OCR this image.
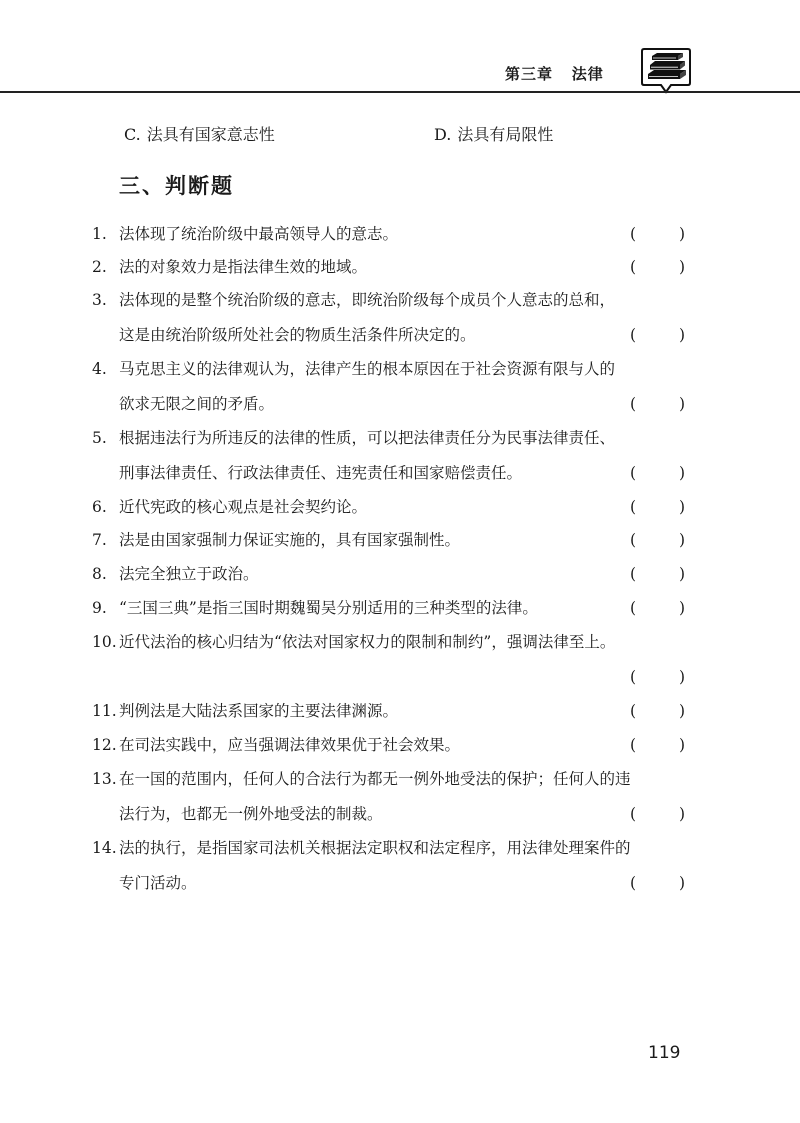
第三章 法律
C. 法具有国家意志性	D. 法具有局限性
三、判断题
1. 法体现了统治阶级中最高领导人的意志。	(	)
2. 法的对象效力是指法律生效的地域。	(	)
3. 法体现的是整个统治阶级的意志，即统治阶级每个成员个人意志的总和，
这是由统治阶级所处社会的物质生活条件所决定的。	(	)
4. 马克思主义的法律观认为，法律产生的根本原因在于社会资源有限与人的
欲求无限之间的矛盾。	(	)
5. 根据违法行为所违反的法律的性质，可以把法律责任分为民事法律责任、
刑事法律责任、行政法律责任、违宪责任和国家赔偿责任。	(	)
6. 近代宪政的核心观点是社会契约论。	(	)
7. 法是由国家强制力保证实施的，具有国家强制性。	(	)
8. 法完全独立于政治。	(	)
9. “三国三典”是指三国时期魏蜀吴分别适用的三种类型的法律。	(	)
10. 近代法治的核心归结为“依法对国家权力的限制和制约”，强调法律至上。
(	)
11. 判例法是大陆法系国家的主要法律渊源。	(	)
12. 在司法实践中，应当强调法律效果优于社会效果。	(	)
13. 在一国的范围内，任何人的合法行为都无一例外地受法的保护；任何人的违
法行为，也都无一例外地受法的制裁。	(	)
14. 法的执行，是指国家司法机关根据法定职权和法定程序，用法律处理案件的
专门活动。	(	)
119
